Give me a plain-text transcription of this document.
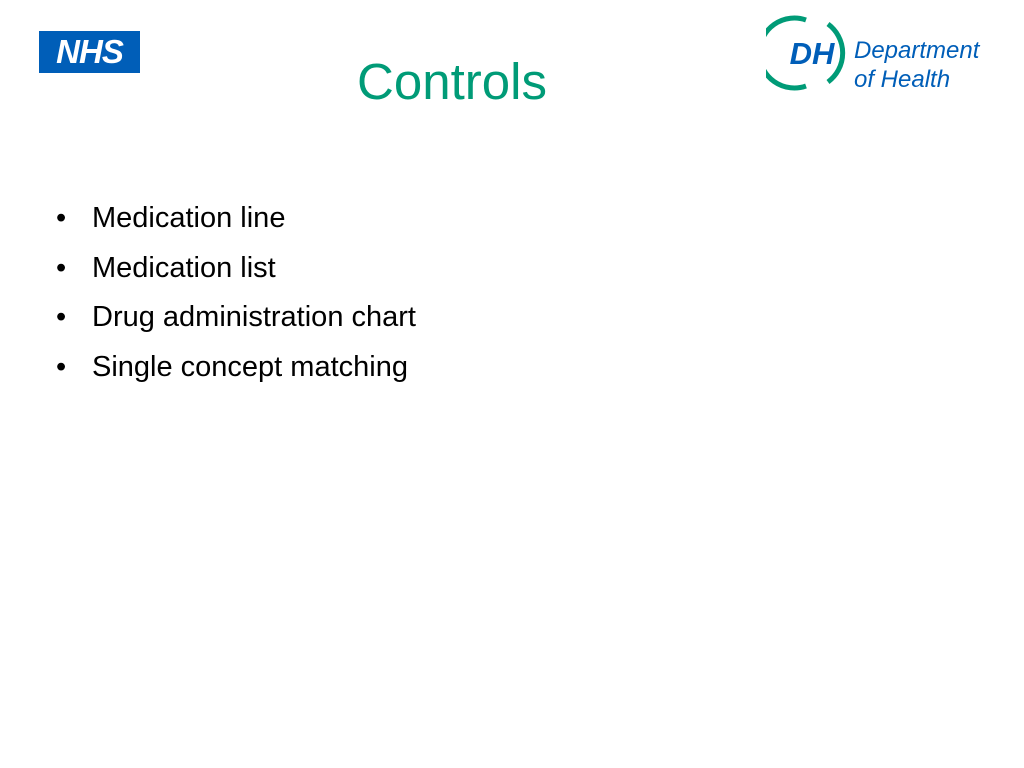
NHS
Controls	DH Department
of Health
• Medication line
• Medication list
• Drug administration chart
• Single concept matching
